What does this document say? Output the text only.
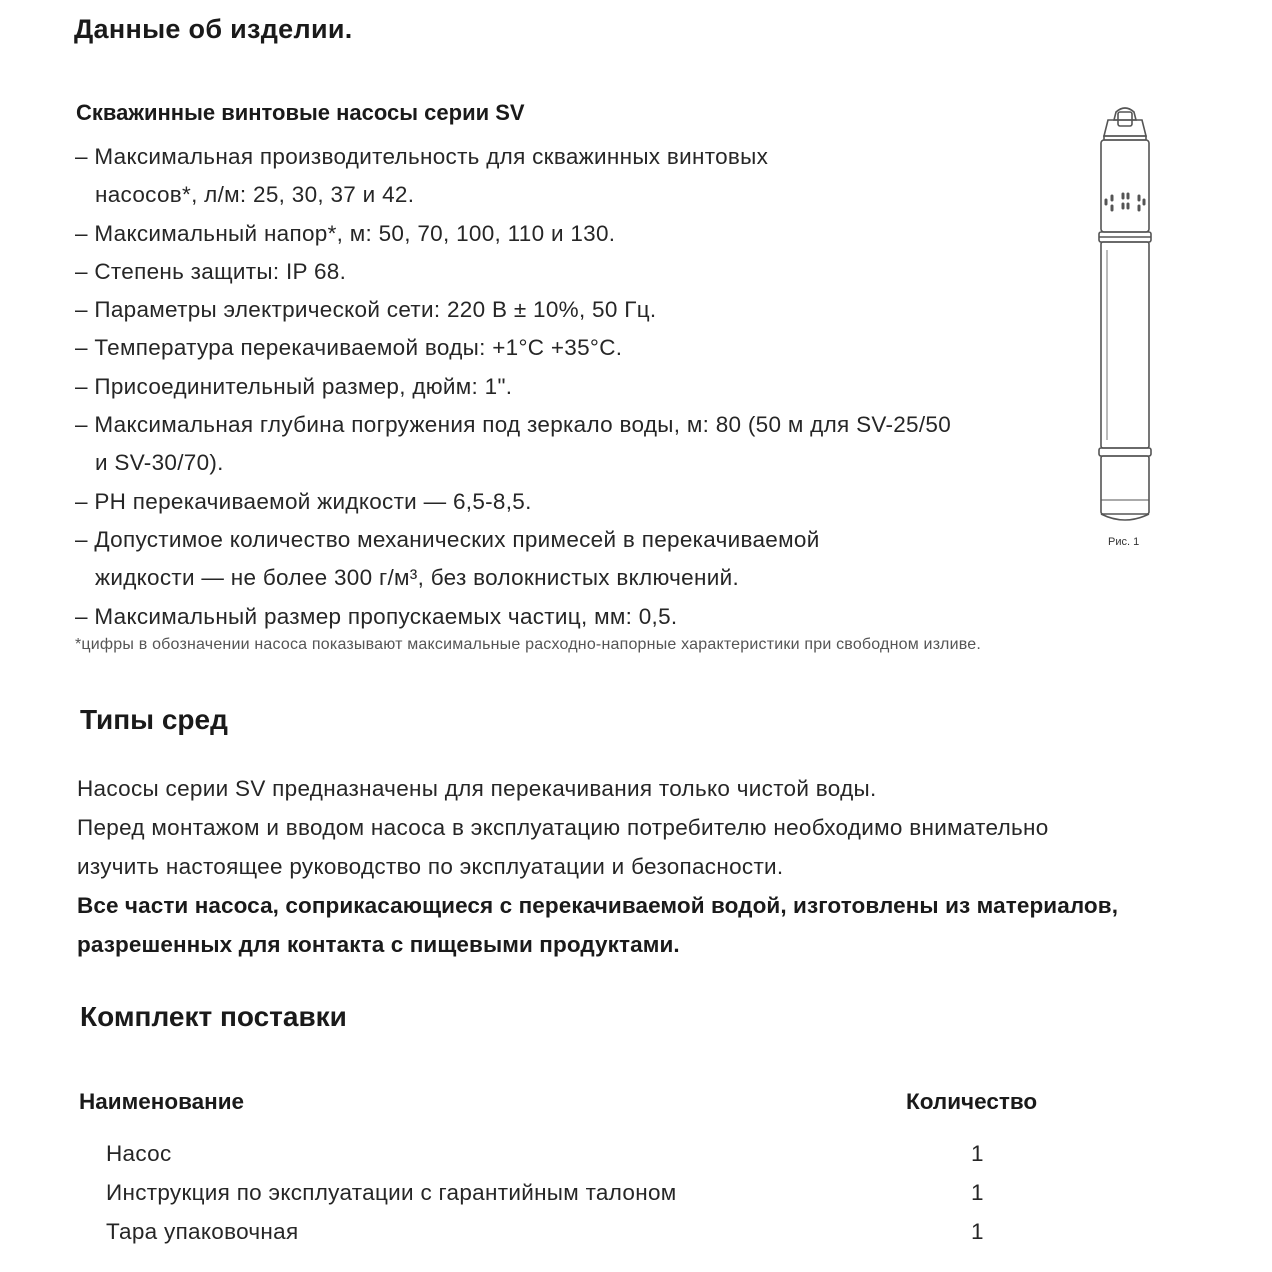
Данные об изделии.
Скважинные винтовые насосы серии SV
– Максимальная производительность для скважинных винтовых
насосов*, л/м: 25, 30, 37 и 42.
– Максимальный напор*, м: 50, 70, 100, 110 и 130.
– Степень защиты: IP 68.
– Параметры электрической сети: 220 В ± 10%, 50 Гц.
– Температура перекачиваемой воды: +1°С +35°С.
– Присоединительный размер, дюйм: 1".
– Максимальная глубина погружения под зеркало воды, м: 80 (50 м для SV-25/50
и SV-30/70).
– PH перекачиваемой жидкости — 6,5-8,5.
– Допустимое количество механических примесей в перекачиваемой
жидкости — не более 300 г/м³, без волокнистых включений.
– Максимальный размер пропускаемых частиц, мм: 0,5.
*цифры в обозначении насоса показывают максимальные расходно-напорные характеристики при свободном изливе.
Рис. 1
Типы сред
Насосы серии SV предназначены для перекачивания только чистой воды.
Перед монтажом и вводом насоса в эксплуатацию потребителю необходимо внимательно
изучить настоящее руководство по эксплуатации и безопасности.
Все части насоса, соприкасающиеся с перекачиваемой водой, изготовлены из материалов,
разрешенных для контакта с пищевыми продуктами.
Комплект поставки
Наименование	Количество
Насос	1
Инструкция по эксплуатации с гарантийным талоном	1
Тара упаковочная	1
